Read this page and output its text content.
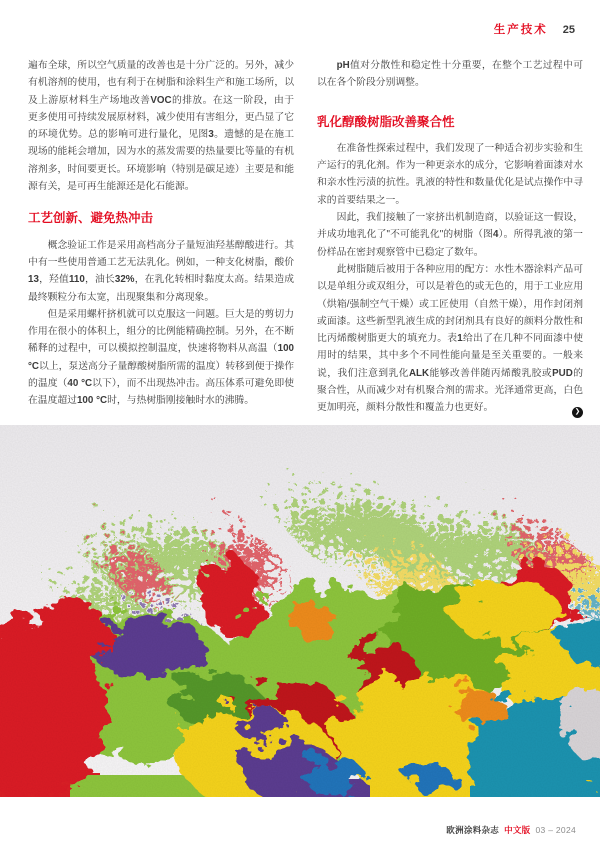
生产技术 25

遍布全球，所以空气质量的改善也是十分广泛的。另外，减少有机溶剂的使用，也有利于在树脂和涂料生产和施工场所，以及上游原材料生产场地改善VOC的排放。在这一阶段，由于更多使用可持续发展原材料，减少使用有害组分，更凸显了它的环境优势。总的影响可进行量化，见图3。遗憾的是在施工现场的能耗会增加，因为水的蒸发需要的热量要比等量的有机溶剂多，时间要更长。环境影响（特别是碳足迹）主要是和能源有关，是可再生能源还是化石能源。

工艺创新、避免热冲击

概念验证工作是采用高档高分子量短油羟基醇酸进行。其中有一些使用普通工艺无法乳化。例如，一种支化树脂，酸价13，羟值110，油长32%，在乳化转相时黏度太高。结果造成最终颗粒分布太宽，出现聚集和分离现象。

但是采用螺杆挤机就可以克服这一问题。巨大是的剪切力作用在很小的体积上，组分的比例能精确控制。另外，在不断稀释的过程中，可以模拟控制温度，快速将物料从高温（100 °C以上，泵送高分子量醇酸树脂所需的温度）转移到便于操作的温度（40 °C以下），而不出现热冲击。高压体系可避免即使在温度超过100 °C时，与热树脂刚接触时水的沸腾。

pH值对分散性和稳定性十分重要，在整个工艺过程中可以在各个阶段分别调整。

乳化醇酸树脂改善聚合性

在准备性探索过程中，我们发现了一种适合初步实验和生产运行的乳化剂。作为一种更亲水的成分，它影响着面漆对水和亲水性污渍的抗性。乳液的特性和数量优化是试点操作中寻求的首要结果之一。

因此，我们接触了一家挤出机制造商，以验证这一假设，并成功地乳化了"不可能乳化"的树脂（图4）。所得乳液的第一份样品在密封观察管中已稳定了数年。

此树脂随后被用于各种应用的配方：水性木器涂料产品可以是单组分或双组分，可以是着色的或无色的，用于工业应用（烘箱/强制空气干燥）或工匠使用（自然干燥），用作封闭剂或面漆。这些新型乳液生成的封闭剂具有良好的颜料分散性和比丙烯酸树脂更大的填充力。表1给出了在几种不同面漆中使用时的结果，其中多个不同性能向量是至关重要的。一般来说，我们注意到乳化ALK能够改善伴随丙烯酸乳胶或PUD的聚合性，从而减少对有机聚合剂的需求。光泽通常更高，白色更加明亮，颜料分散性和覆盖力也更好。	❯
欧洲涂料杂志 中文版 03 – 2024
